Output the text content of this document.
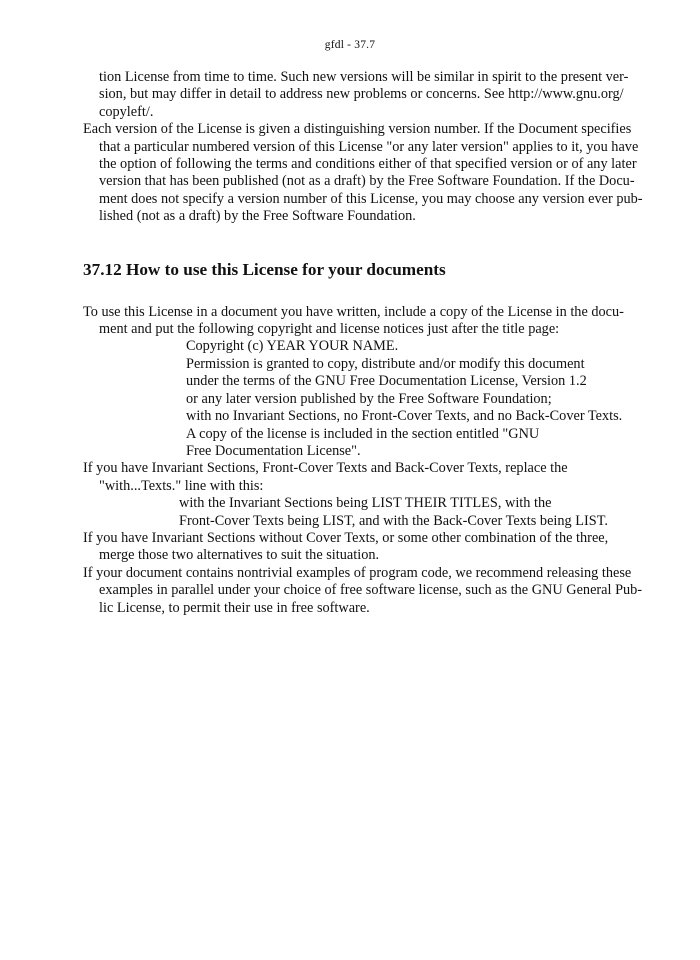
gfdl - 37.7

tion License from time to time. Such new versions will be similar in spirit to the present ver-
sion, but may differ in detail to address new problems or concerns. See http://www.gnu.org/
copyleft/.

Each version of the License is given a distinguishing version number. If the Document specifies
that a particular numbered version of this License "or any later version" applies to it, you have
the option of following the terms and conditions either of that specified version or of any later
version that has been published (not as a draft) by the Free Software Foundation. If the Docu-
ment does not specify a version number of this License, you may choose any version ever pub-
lished (not as a draft) by the Free Software Foundation.

37.12 How to use this License for your documents

To use this License in a document you have written, include a copy of the License in the docu-
ment and put the following copyright and license notices just after the title page:

Copyright (c) YEAR YOUR NAME.
Permission is granted to copy, distribute and/or modify this document
under the terms of the GNU Free Documentation License, Version 1.2
or any later version published by the Free Software Foundation;
with no Invariant Sections, no Front-Cover Texts, and no Back-Cover Texts.
A copy of the license is included in the section entitled "GNU
Free Documentation License".

If you have Invariant Sections, Front-Cover Texts and Back-Cover Texts, replace the
"with...Texts." line with this:

with the Invariant Sections being LIST THEIR TITLES, with the
Front-Cover Texts being LIST, and with the Back-Cover Texts being LIST.

If you have Invariant Sections without Cover Texts, or some other combination of the three,
merge those two alternatives to suit the situation.

If your document contains nontrivial examples of program code, we recommend releasing these
examples in parallel under your choice of free software license, such as the GNU General Pub-
lic License, to permit their use in free software.
